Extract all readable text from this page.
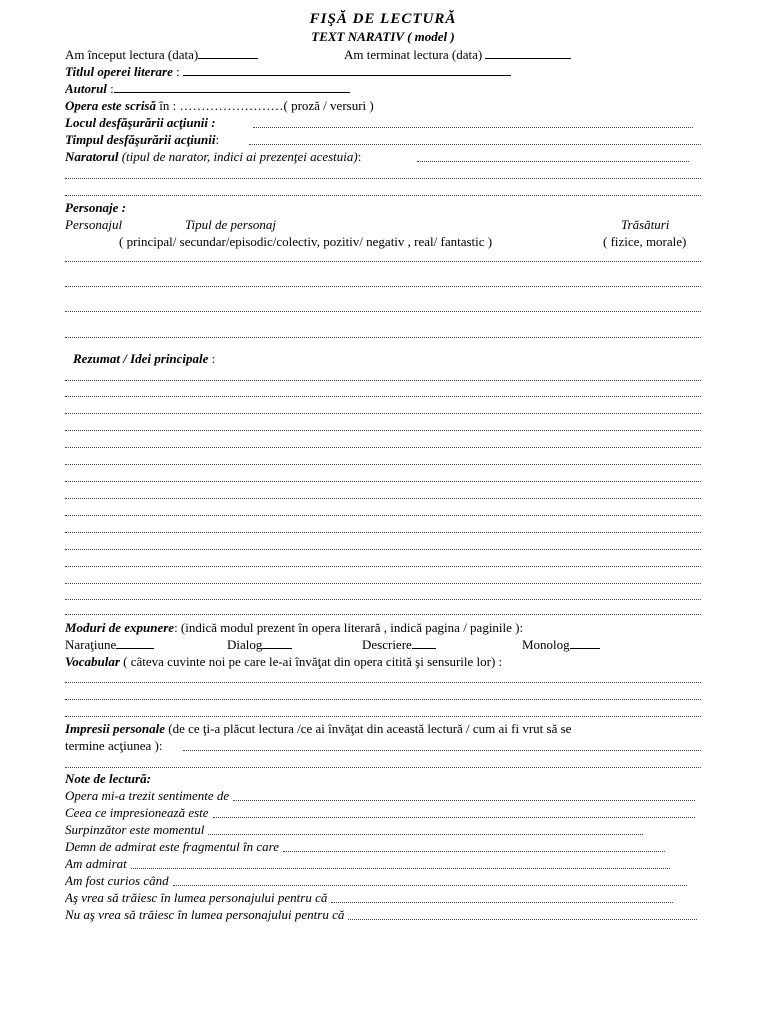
FIŞĂ DE LECTURĂ
TEXT NARATIV ( model )
Am început lectura (data)	Am terminat lectura (data)
Titlul operei literare :
Autorul :
Opera este scrisă în : ……………………( proză / versuri )
Locul desfăşurării acţiunii :
Timpul desfăşurării acţiunii:
Naratorul (tipul de narator, indici ai prezenţei acestuia):
Personaje :
Personajul	Tipul de personaj	Trăsături
( principal/ secundar/episodic/colectiv, pozitiv/ negativ , real/ fantastic )	( fizice, morale)
Rezumat / Idei principale :
Moduri de expunere: (indică modul prezent în opera literară , indică pagina / paginile ):
Naraţiune	Dialog	Descriere	Monolog
Vocabular ( câteva cuvinte noi pe care le-ai învăţat din opera citită şi sensurile lor) :
Impresii personale (de ce ţi-a plăcut lectura /ce ai învăţat din această lectură / cum ai fi vrut să se
termine acţiunea ):
Note de lectură:
Opera mi-a trezit sentimente de
Ceea ce impresionează este
Surpinzător este momentul
Demn de admirat este fragmentul în care
Am admirat
Am fost curios când
Aş vrea să trăiesc în lumea personajului pentru că
Nu aş vrea să trăiesc în lumea personajului pentru că
